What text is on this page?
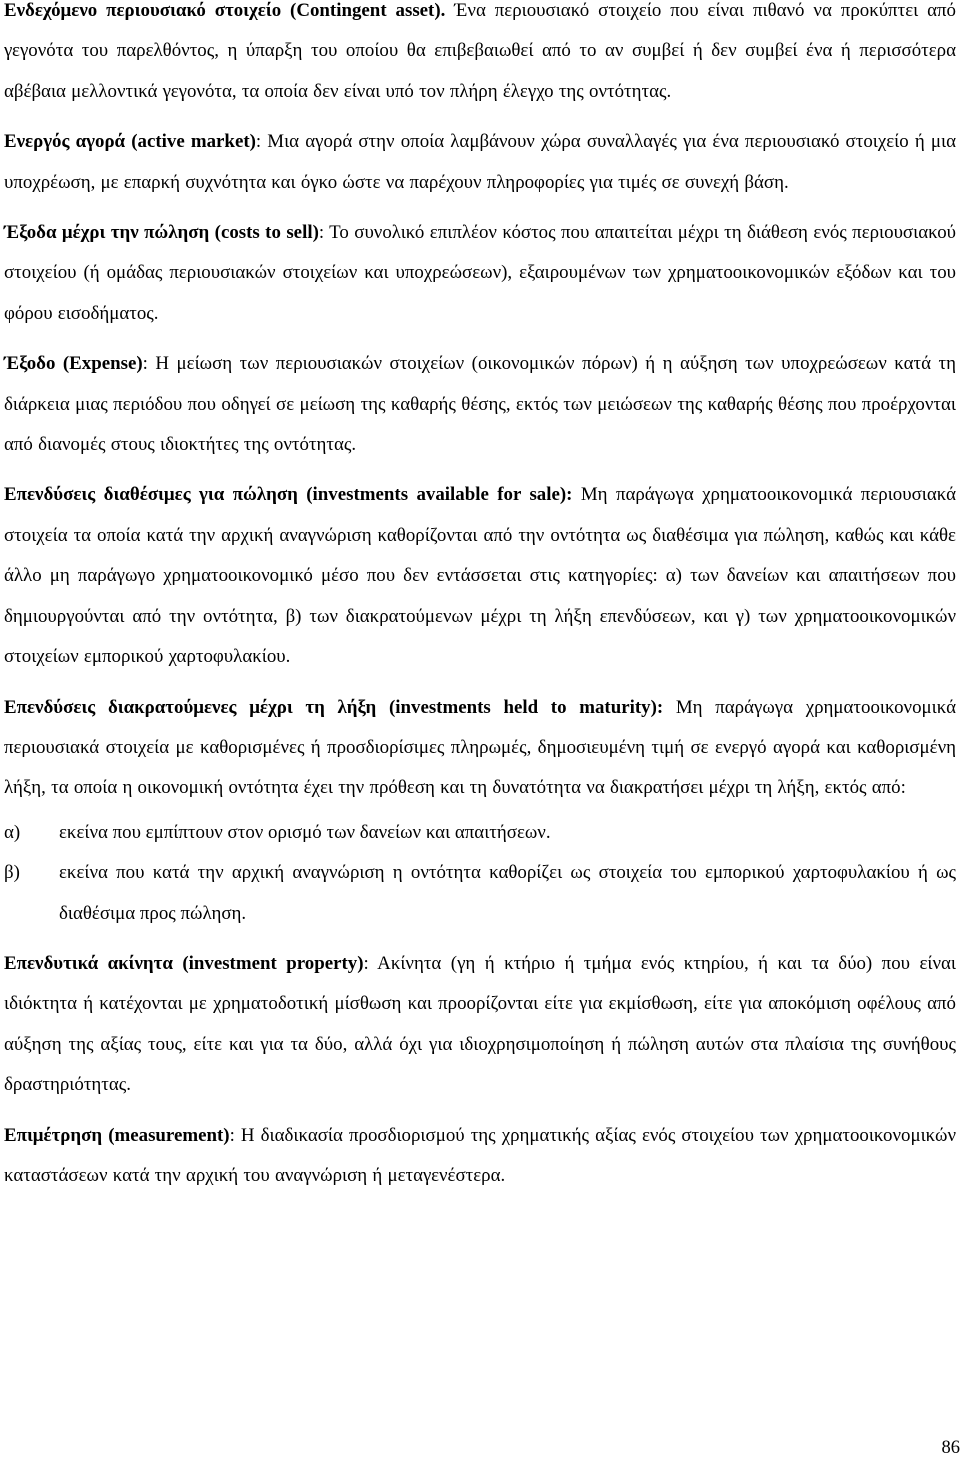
Ενδεχόμενο περιουσιακό στοιχείο (Contingent asset). Ένα περιουσιακό στοιχείο που είναι πιθανό να προκύπτει από γεγονότα του παρελθόντος, η ύπαρξη του οποίου θα επιβεβαιωθεί από το αν συμβεί ή δεν συμβεί ένα ή περισσότερα αβέβαια μελλοντικά γεγονότα, τα οποία δεν είναι υπό τον πλήρη έλεγχο της οντότητας.

Ενεργός αγορά (active market): Μια αγορά στην οποία λαμβάνουν χώρα συναλλαγές για ένα περιουσιακό στοιχείο ή μια υποχρέωση, με επαρκή συχνότητα και όγκο ώστε να παρέχουν πληροφορίες για τιμές σε συνεχή βάση.

Έξοδα μέχρι την πώληση (costs to sell): Το συνολικό επιπλέον κόστος που απαιτείται μέχρι τη διάθεση ενός περιουσιακού στοιχείου (ή ομάδας περιουσιακών στοιχείων και υποχρεώσεων), εξαιρουμένων των χρηματοοικονομικών εξόδων και του φόρου εισοδήματος.

Έξοδο (Expense): Η μείωση των περιουσιακών στοιχείων (οικονομικών πόρων) ή η αύξηση των υποχρεώσεων κατά τη διάρκεια μιας περιόδου που οδηγεί σε μείωση της καθαρής θέσης, εκτός των μειώσεων της καθαρής θέσης που προέρχονται από διανομές στους ιδιοκτήτες της οντότητας.

Επενδύσεις διαθέσιμες για πώληση (investments available for sale): Μη παράγωγα χρηματοοικονομικά περιουσιακά στοιχεία τα οποία κατά την αρχική αναγνώριση καθορίζονται από την οντότητα ως διαθέσιμα για πώληση, καθώς και κάθε άλλο μη παράγωγο χρηματοοικονομικό μέσο που δεν εντάσσεται στις κατηγορίες: α) των δανείων και απαιτήσεων που δημιουργούνται από την οντότητα, β) των διακρατούμενων μέχρι τη λήξη επενδύσεων, και γ) των χρηματοοικονομικών στοιχείων εμπορικού χαρτοφυλακίου.

Επενδύσεις διακρατούμενες μέχρι τη λήξη (investments held to maturity): Μη παράγωγα χρηματοοικονομικά περιουσιακά στοιχεία με καθορισμένες ή προσδιορίσιμες πληρωμές, δημοσιευμένη τιμή σε ενεργό αγορά και καθορισμένη λήξη, τα οποία η οικονομική οντότητα έχει την πρόθεση και τη δυνατότητα να διακρατήσει μέχρι τη λήξη, εκτός από:

α)	εκείνα που εμπίπτουν στον ορισμό των δανείων και απαιτήσεων.
β)	εκείνα που κατά την αρχική αναγνώριση η οντότητα καθορίζει ως στοιχεία του εμπορικού χαρτοφυλακίου ή ως διαθέσιμα προς πώληση.

Επενδυτικά ακίνητα (investment property): Ακίνητα (γη ή κτήριο ή τμήμα ενός κτηρίου, ή και τα δύο) που είναι ιδιόκτητα ή κατέχονται με χρηματοδοτική μίσθωση και προορίζονται είτε για εκμίσθωση, είτε για αποκόμιση οφέλους από αύξηση της αξίας τους, είτε και για τα δύο, αλλά όχι για ιδιοχρησιμοποίηση ή πώληση αυτών στα πλαίσια της συνήθους δραστηριότητας.

Επιμέτρηση (measurement): Η διαδικασία προσδιορισμού της χρηματικής αξίας ενός στοιχείου των χρηματοοικονομικών καταστάσεων κατά την αρχική του αναγνώριση ή μεταγενέστερα.

86
